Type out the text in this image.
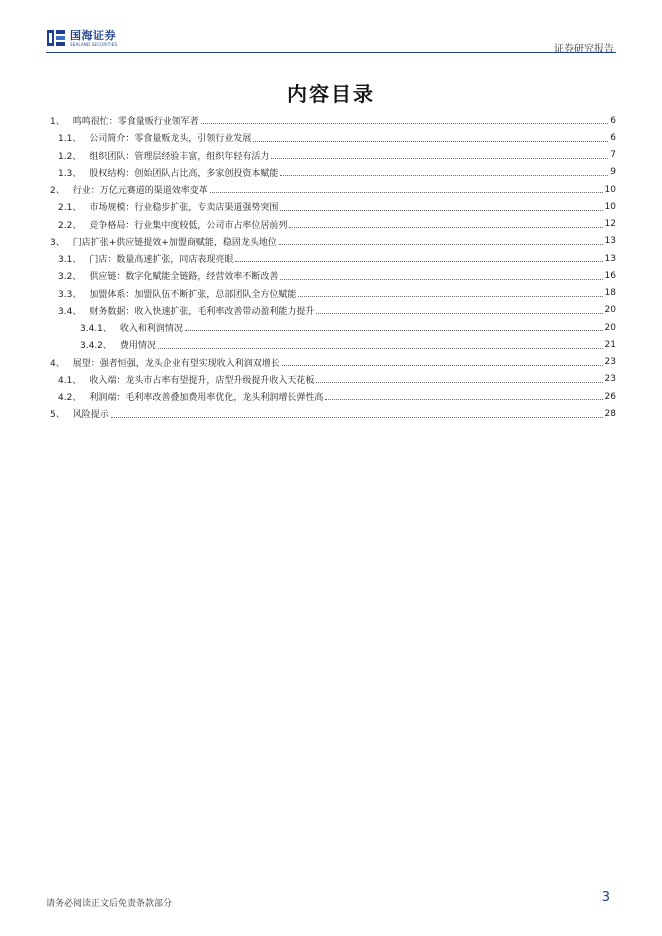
国海证券
SEALAND SECURITIES	证券研究报告
内容目录
1、 鸣鸣很忙：零食量贩行业领军者	6
1.1、 公司简介：零食量贩龙头，引领行业发展	6
1.2、 组织团队：管理层经验丰富，组织年轻有活力	7
1.3、 股权结构：创始团队占比高，多家创投资本赋能	9
2、 行业：万亿元赛道的渠道效率变革	10
2.1、 市场规模：行业稳步扩张，专卖店渠道强势突围	10
2.2、 竞争格局：行业集中度较低，公司市占率位居前列	12
3、 门店扩张+供应链提效+加盟商赋能，稳固龙头地位	13
3.1、 门店：数量高速扩张，同店表现亮眼	13
3.2、 供应链：数字化赋能全链路，经营效率不断改善	16
3.3、 加盟体系：加盟队伍不断扩张，总部团队全方位赋能	18
3.4、 财务数据：收入快速扩张，毛利率改善带动盈利能力提升	20
3.4.1、 收入和利润情况	20
3.4.2、 费用情况	21
4、 展望：强者恒强，龙头企业有望实现收入利润双增长	23
4.1、 收入端：龙头市占率有望提升，店型升级提升收入天花板	23
4.2、 利润端：毛利率改善叠加费用率优化，龙头利润增长弹性高	26
5、 风险提示	28
请务必阅读正文后免责条款部分	3
